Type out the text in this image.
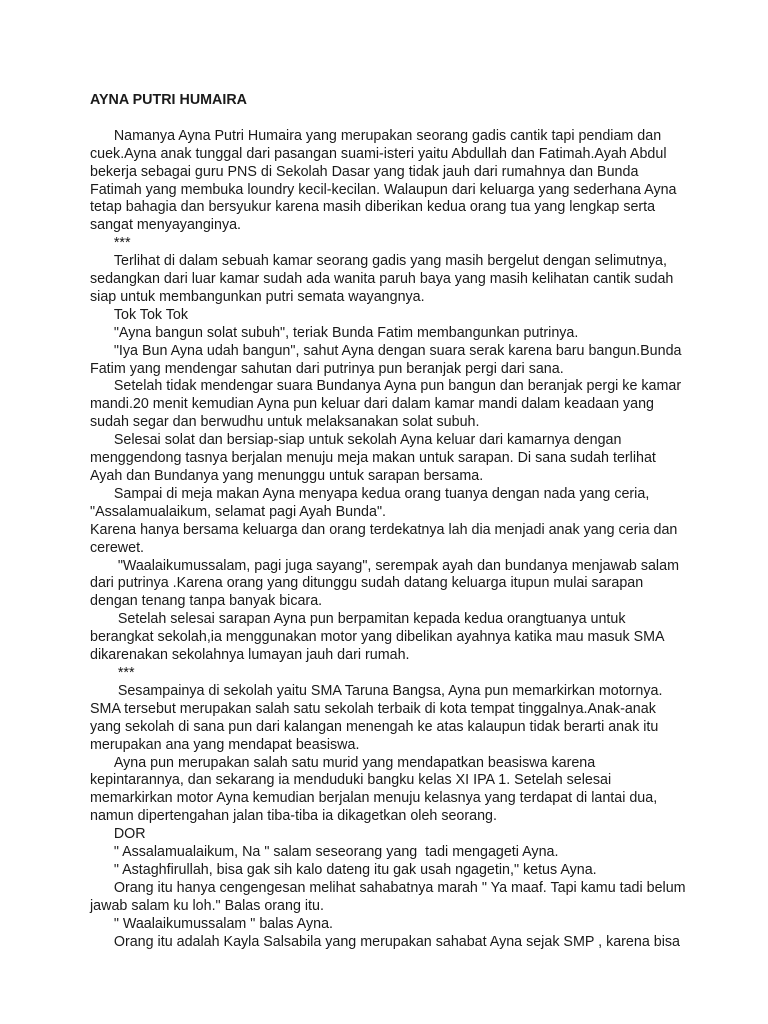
AYNA PUTRI HUMAIRA

Namanya Ayna Putri Humaira yang merupakan seorang gadis cantik tapi pendiam dan cuek.Ayna anak tunggal dari pasangan suami-isteri yaitu Abdullah dan Fatimah.Ayah Abdul bekerja sebagai guru PNS di Sekolah Dasar yang tidak jauh dari rumahnya dan Bunda Fatimah yang membuka loundry kecil-kecilan. Walaupun dari keluarga yang sederhana Ayna tetap bahagia dan bersyukur karena masih diberikan kedua orang tua yang lengkap serta sangat menyayanginya.

***

Terlihat di dalam sebuah kamar seorang gadis yang masih bergelut dengan selimutnya, sedangkan dari luar kamar sudah ada wanita paruh baya yang masih kelihatan cantik sudah siap untuk membangunkan putri semata wayangnya.

Tok Tok Tok

"Ayna bangun solat subuh", teriak Bunda Fatim membangunkan putrinya.

"Iya Bun Ayna udah bangun", sahut Ayna dengan suara serak karena baru bangun.Bunda Fatim yang mendengar sahutan dari putrinya pun beranjak pergi dari sana.

Setelah tidak mendengar suara Bundanya Ayna pun bangun dan beranjak pergi ke kamar mandi.20 menit kemudian Ayna pun keluar dari dalam kamar mandi dalam keadaan yang sudah segar dan berwudhu untuk melaksanakan solat subuh.

Selesai solat dan bersiap-siap untuk sekolah Ayna keluar dari kamarnya dengan menggendong tasnya berjalan menuju meja makan untuk sarapan. Di sana sudah terlihat Ayah dan Bundanya yang menunggu untuk sarapan bersama.

Sampai di meja makan Ayna menyapa kedua orang tuanya dengan nada yang ceria, "Assalamualaikum, selamat pagi Ayah Bunda".

Karena hanya bersama keluarga dan orang terdekatnya lah dia menjadi anak yang ceria dan cerewet.

"Waalaikumussalam, pagi juga sayang", serempak ayah dan bundanya menjawab salam dari putrinya .Karena orang yang ditunggu sudah datang keluarga itupun mulai sarapan dengan tenang tanpa banyak bicara.

Setelah selesai sarapan Ayna pun berpamitan kepada kedua orangtuanya untuk berangkat sekolah,ia menggunakan motor yang dibelikan ayahnya katika mau masuk SMA dikarenakan sekolahnya lumayan jauh dari rumah.

***

Sesampainya di sekolah yaitu SMA Taruna Bangsa, Ayna pun memarkirkan motornya. SMA tersebut merupakan salah satu sekolah terbaik di kota tempat tinggalnya.Anak-anak yang sekolah di sana pun dari kalangan menengah ke atas kalaupun tidak berarti anak itu merupakan ana yang mendapat beasiswa.

Ayna pun merupakan salah satu murid yang mendapatkan beasiswa karena kepintarannya, dan sekarang ia menduduki bangku kelas XI IPA 1. Setelah selesai memarkirkan motor Ayna kemudian berjalan menuju kelasnya yang terdapat di lantai dua, namun dipertengahan jalan tiba-tiba ia dikagetkan oleh seorang.

DOR

" Assalamualaikum, Na " salam seseorang yang  tadi mengageti Ayna.

" Astaghfirullah, bisa gak sih kalo dateng itu gak usah ngagetin," ketus Ayna.

Orang itu hanya cengengesan melihat sahabatnya marah " Ya maaf. Tapi kamu tadi belum jawab salam ku loh." Balas orang itu.

" Waalaikumussalam " balas Ayna.

Orang itu adalah Kayla Salsabila yang merupakan sahabat Ayna sejak SMP , karena bisa
